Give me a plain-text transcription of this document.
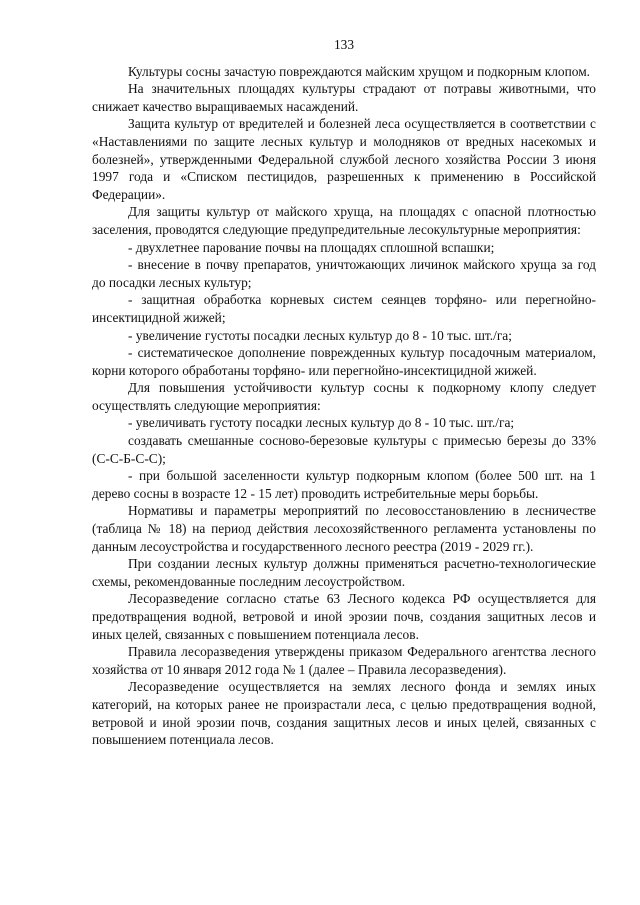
133

Культуры сосны зачастую повреждаются майским хрущом и подкорным клопом.

На значительных площадях культуры страдают от потравы животными, что снижает качество выращиваемых насаждений.

Защита культур от вредителей и болезней леса осуществляется в соответствии с «Наставлениями по защите лесных культур и молодняков от вредных насекомых и болезней», утвержденными Федеральной службой лесного хозяйства России 3 июня 1997 года и «Списком пестицидов, разрешенных к применению в Российской Федерации».

Для защиты культур от майского хруща, на площадях с опасной плотностью заселения, проводятся следующие предупредительные лесокультурные мероприятия:

- двухлетнее парование почвы на площадях сплошной вспашки;

- внесение в почву препаратов, уничтожающих личинок майского хруща за год до посадки лесных культур;

- защитная обработка корневых систем сеянцев торфяно- или перегнойно-инсектицидной жижей;

- увеличение густоты посадки лесных культур до 8 - 10 тыс. шт./га;

- систематическое дополнение поврежденных культур посадочным материалом, корни которого обработаны торфяно- или перегнойно-инсектицидной жижей.

Для повышения устойчивости культур сосны к подкорному клопу следует осуществлять следующие мероприятия:

- увеличивать густоту посадки лесных культур до 8 - 10 тыс. шт./га;

создавать смешанные сосново-березовые культуры с примесью березы до 33% (С-С-Б-С-С);

- при большой заселенности культур подкорным клопом (более 500 шт. на 1 дерево сосны в возрасте 12 - 15 лет) проводить истребительные меры борьбы.

Нормативы и параметры мероприятий по лесовосстановлению в лесничестве (таблица № 18) на период действия лесохозяйственного регламента установлены по данным лесоустройства и государственного лесного реестра (2019 - 2029 гг.).

При создании лесных культур должны применяться расчетно-технологические схемы, рекомендованные последним лесоустройством.

Лесоразведение согласно статье 63 Лесного кодекса РФ осуществляется для предотвращения водной, ветровой и иной эрозии почв, создания защитных лесов и иных целей, связанных с повышением потенциала лесов.

Правила лесоразведения утверждены приказом Федерального агентства лесного хозяйства от 10 января 2012 года № 1 (далее – Правила лесоразведения).

Лесоразведение осуществляется на землях лесного фонда и землях иных категорий, на которых ранее не произрастали леса, с целью предотвращения водной, ветровой и иной эрозии почв, создания защитных лесов и иных целей, связанных с повышением потенциала лесов.
